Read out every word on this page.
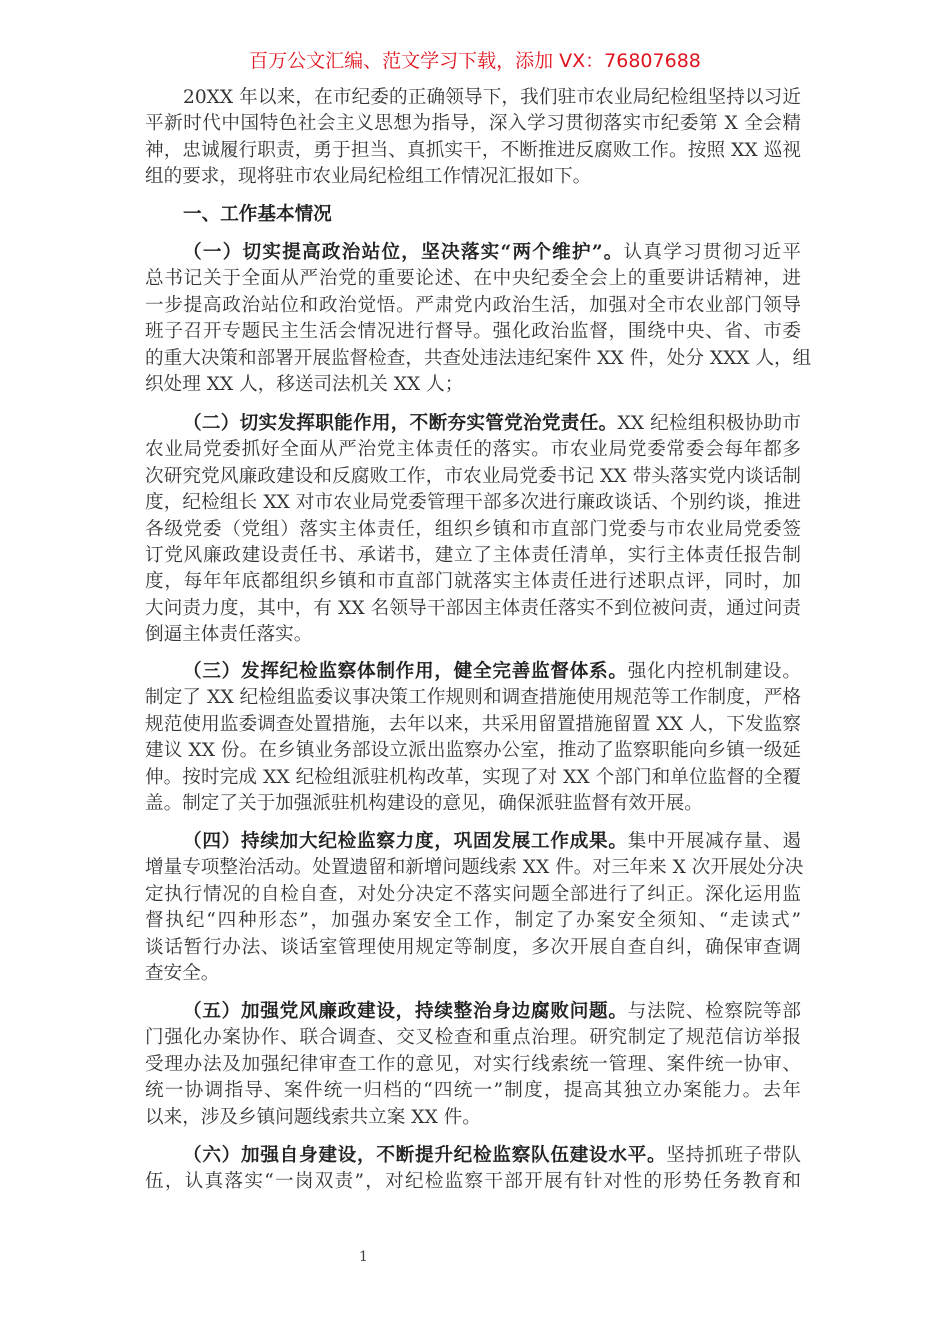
百万公文汇编、范文学习下载，添加 VX：76807688
20XX 年以来，在市纪委的正确领导下，我们驻市农业局纪检组坚持以习近
平新时代中国特色社会主义思想为指导，深入学习贯彻落实市纪委第 X 全会精
神，忠诚履行职责，勇于担当、真抓实干，不断推进反腐败工作。按照 XX 巡视
组的要求，现将驻市农业局纪检组工作情况汇报如下。
一、工作基本情况
（一）切实提高政治站位，坚决落实“两个维护”。认真学习贯彻习近平
总书记关于全面从严治党的重要论述、在中央纪委全会上的重要讲话精神，进
一步提高政治站位和政治觉悟。严肃党内政治生活，加强对全市农业部门领导
班子召开专题民主生活会情况进行督导。强化政治监督，围绕中央、省、市委
的重大决策和部署开展监督检查，共查处违法违纪案件 XX 件，处分 XXX 人，组
织处理 XX 人，移送司法机关 XX 人；
（二）切实发挥职能作用，不断夯实管党治党责任。XX 纪检组积极协助市
农业局党委抓好全面从严治党主体责任的落实。市农业局党委常委会每年都多
次研究党风廉政建设和反腐败工作，市农业局党委书记 XX 带头落实党内谈话制
度，纪检组长 XX 对市农业局党委管理干部多次进行廉政谈话、个别约谈，推进
各级党委（党组）落实主体责任，组织乡镇和市直部门党委与市农业局党委签
订党风廉政建设责任书、承诺书，建立了主体责任清单，实行主体责任报告制
度，每年年底都组织乡镇和市直部门就落实主体责任进行述职点评，同时，加
大问责力度，其中，有 XX 名领导干部因主体责任落实不到位被问责，通过问责
倒逼主体责任落实。
（三）发挥纪检监察体制作用，健全完善监督体系。强化内控机制建设。
制定了 XX 纪检组监委议事决策工作规则和调查措施使用规范等工作制度，严格
规范使用监委调查处置措施，去年以来，共采用留置措施留置 XX 人，下发监察
建议 XX 份。在乡镇业务部设立派出监察办公室，推动了监察职能向乡镇一级延
伸。按时完成 XX 纪检组派驻机构改革，实现了对 XX 个部门和单位监督的全覆
盖。制定了关于加强派驻机构建设的意见，确保派驻监督有效开展。
（四）持续加大纪检监察力度，巩固发展工作成果。集中开展减存量、遏
增量专项整治活动。处置遗留和新增问题线索 XX 件。对三年来 X 次开展处分决
定执行情况的自检自查，对处分决定不落实问题全部进行了纠正。深化运用监
督执纪“四种形态”，加强办案安全工作，制定了办案安全须知、“走读式”
谈话暂行办法、谈话室管理使用规定等制度，多次开展自查自纠，确保审查调
查安全。
（五）加强党风廉政建设，持续整治身边腐败问题。与法院、检察院等部
门强化办案协作、联合调查、交叉检查和重点治理。研究制定了规范信访举报
受理办法及加强纪律审查工作的意见，对实行线索统一管理、案件统一协审、
统一协调指导、案件统一归档的“四统一”制度，提高其独立办案能力。去年
以来，涉及乡镇问题线索共立案 XX 件。
（六）加强自身建设，不断提升纪检监察队伍建设水平。坚持抓班子带队
伍，认真落实“一岗双责”，对纪检监察干部开展有针对性的形势任务教育和
1
